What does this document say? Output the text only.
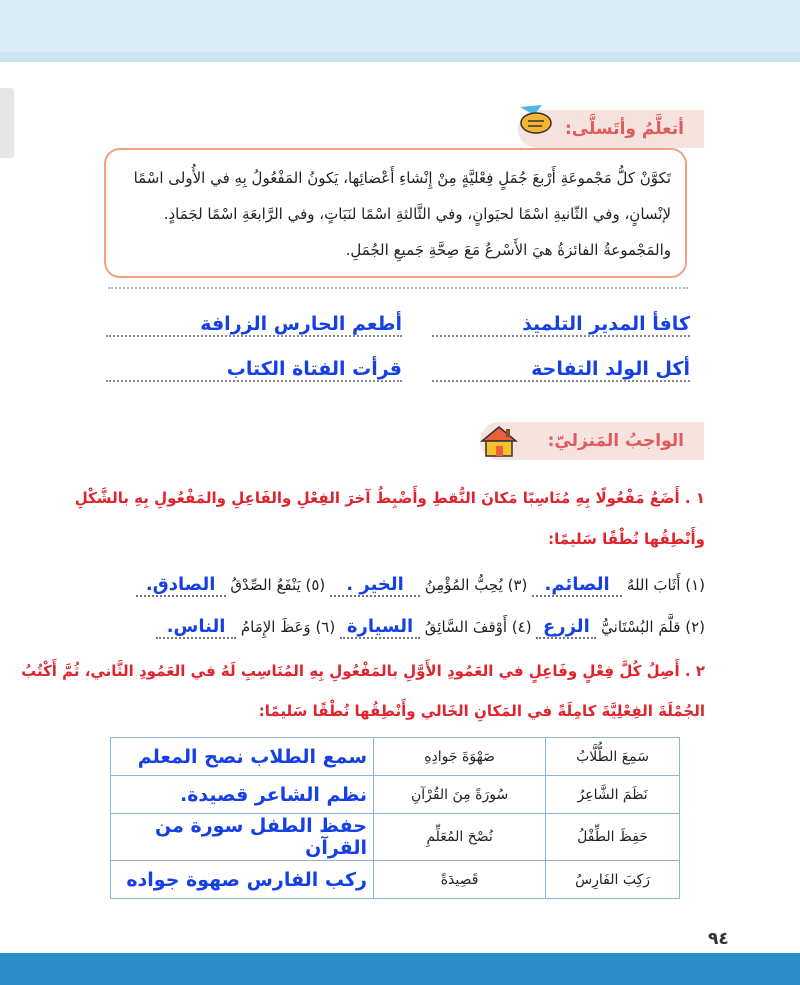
أتعلَّمُ وأتَسلَّى:

تَكوَّنْ كلُّ مَجْموعَةِ أَرْبعَ جُمَلٍ فِعْليَّةٍ مِنْ إِنْشاءِ أَعْضائِها، يَكونُ المَفْعُولُ بِهِ في الأُولى اسْمًا

لإنْسانٍ، وفي الثّانيةِ اسْمًا لحيَوانٍ، وفي الثَّالثةِ اسْمًا لنَبَاتٍ، وفي الرَّابعَةِ اسْمًا لجَمَادٍ.

والمَجْموعةُ الفائزةُ هيَ الأَسْرعُ مَعَ صِحَّةِ جَميعِ الجُمَلِ.

كافأ المدير التلميذ
أطعم الحارس الزرافة
أكل الولد التفاحة
قرأت الفتاة الكتاب
الواجبُ المَنزليّ:
١ . أَضَعُ مَفْعُولًا بِهِ مُنَاسِبًا مَكانَ النُّقطِ وأَضْبِطُ آخرَ الفِعْلِ والفَاعِلِ والمَفْعُولِ بِهِ بالشَّكْلِ
وأَنْطِقُها نُطْقًا سَليمًا:
(١) أَثَابَ اللهُ الصائم. (٣) يُحِبُّ المُؤْمِنُ الخير . (٥) يَنْفَعُ الصِّدْقُ الصادق.
(٢) قلَّمَ البُسْتَانيُّ الزرع (٤) أَوْقفَ السَّائِقُ السيارة (٦) وَعَظَ الإِمَامُ الناس.
٢ . أَصِلُ كُلَّ فِعْلٍ وفَاعِلٍ في العَمُودِ الأَوَّلِ بالمَفْعُولِ بِهِ المُنَاسِبِ لَهُ في العَمُودِ الثَّاني، ثُمَّ أَكْتُبُ
الجُمْلَةَ الفِعْلِيَّةَ كامِلَةً في المَكانِ الخَالي وأَنْطِقُها نُطْقًا سَليمًا:
سَمِعَ الطُّلَّابُ	صَهْوَةَ جَوادِهِ	سمع الطلاب نصح المعلم
نَظَمَ الشَّاعِرُ	سُورَةً مِنَ القُرْآنِ	نظم الشاعر قصيدة.
حَفِظَ الطِّفْلُ	نُصْحَ المُعَلِّمِ	حفظ الطفل سورة من القرآن
رَكِبَ الفَارِسُ	قَصِيدَةً	ركب الفارس صهوة جواده
٩٤
